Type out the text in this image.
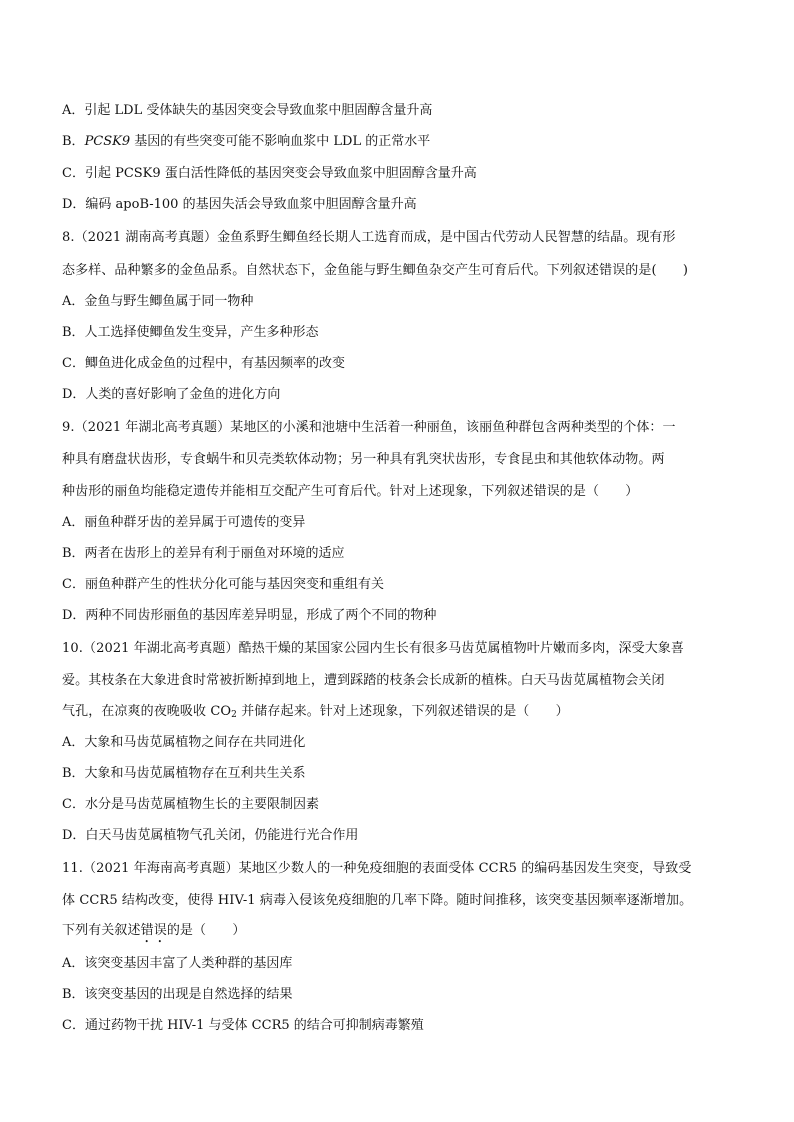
A．引起 LDL 受体缺失的基因突变会导致血浆中胆固醇含量升高
B．PCSK9 基因的有些突变可能不影响血浆中 LDL 的正常水平
C．引起 PCSK9 蛋白活性降低的基因突变会导致血浆中胆固醇含量升高
D．编码 apoB-100 的基因失活会导致血浆中胆固醇含量升高
8.（2021 湖南高考真题）金鱼系野生鲫鱼经长期人工选育而成，是中国古代劳动人民智慧的结晶。现有形
态多样、品种繁多的金鱼品系。自然状态下，金鱼能与野生鲫鱼杂交产生可育后代。下列叙述错误的是(　　)
A．金鱼与野生鲫鱼属于同一物种
B．人工选择使鲫鱼发生变异，产生多种形态
C．鲫鱼进化成金鱼的过程中，有基因频率的改变
D．人类的喜好影响了金鱼的进化方向
9.（2021 年湖北高考真题）某地区的小溪和池塘中生活着一种丽鱼，该丽鱼种群包含两种类型的个体：一
种具有磨盘状齿形，专食蜗牛和贝壳类软体动物；另一种具有乳突状齿形，专食昆虫和其他软体动物。两
种齿形的丽鱼均能稳定遗传并能相互交配产生可育后代。针对上述现象，下列叙述错误的是（　　）
A．丽鱼种群牙齿的差异属于可遗传的变异
B．两者在齿形上的差异有利于丽鱼对环境的适应
C．丽鱼种群产生的性状分化可能与基因突变和重组有关
D．两种不同齿形丽鱼的基因库差异明显，形成了两个不同的物种
10.（2021 年湖北高考真题）酷热干燥的某国家公园内生长有很多马齿苋属植物叶片嫩而多肉，深受大象喜
爱。其枝条在大象进食时常被折断掉到地上，遭到踩踏的枝条会长成新的植株。白天马齿苋属植物会关闭
气孔，在凉爽的夜晚吸收 $CO_2$ 并储存起来。针对上述现象，下列叙述错误的是（　　）
A．大象和马齿苋属植物之间存在共同进化
B．大象和马齿苋属植物存在互利共生关系
C．水分是马齿苋属植物生长的主要限制因素
D．白天马齿苋属植物气孔关闭，仍能进行光合作用
11.（2021 年海南高考真题）某地区少数人的一种免疫细胞的表面受体 CCR5 的编码基因发生突变，导致受
体 CCR5 结构改变，使得 HIV-1 病毒入侵该免疫细胞的几率下降。随时间推移，该突变基因频率逐渐增加。
下列有关叙述错误的是（　　）
A．该突变基因丰富了人类种群的基因库
B．该突变基因的出现是自然选择的结果
C．通过药物干扰 HIV-1 与受体 CCR5 的结合可抑制病毒繁殖
